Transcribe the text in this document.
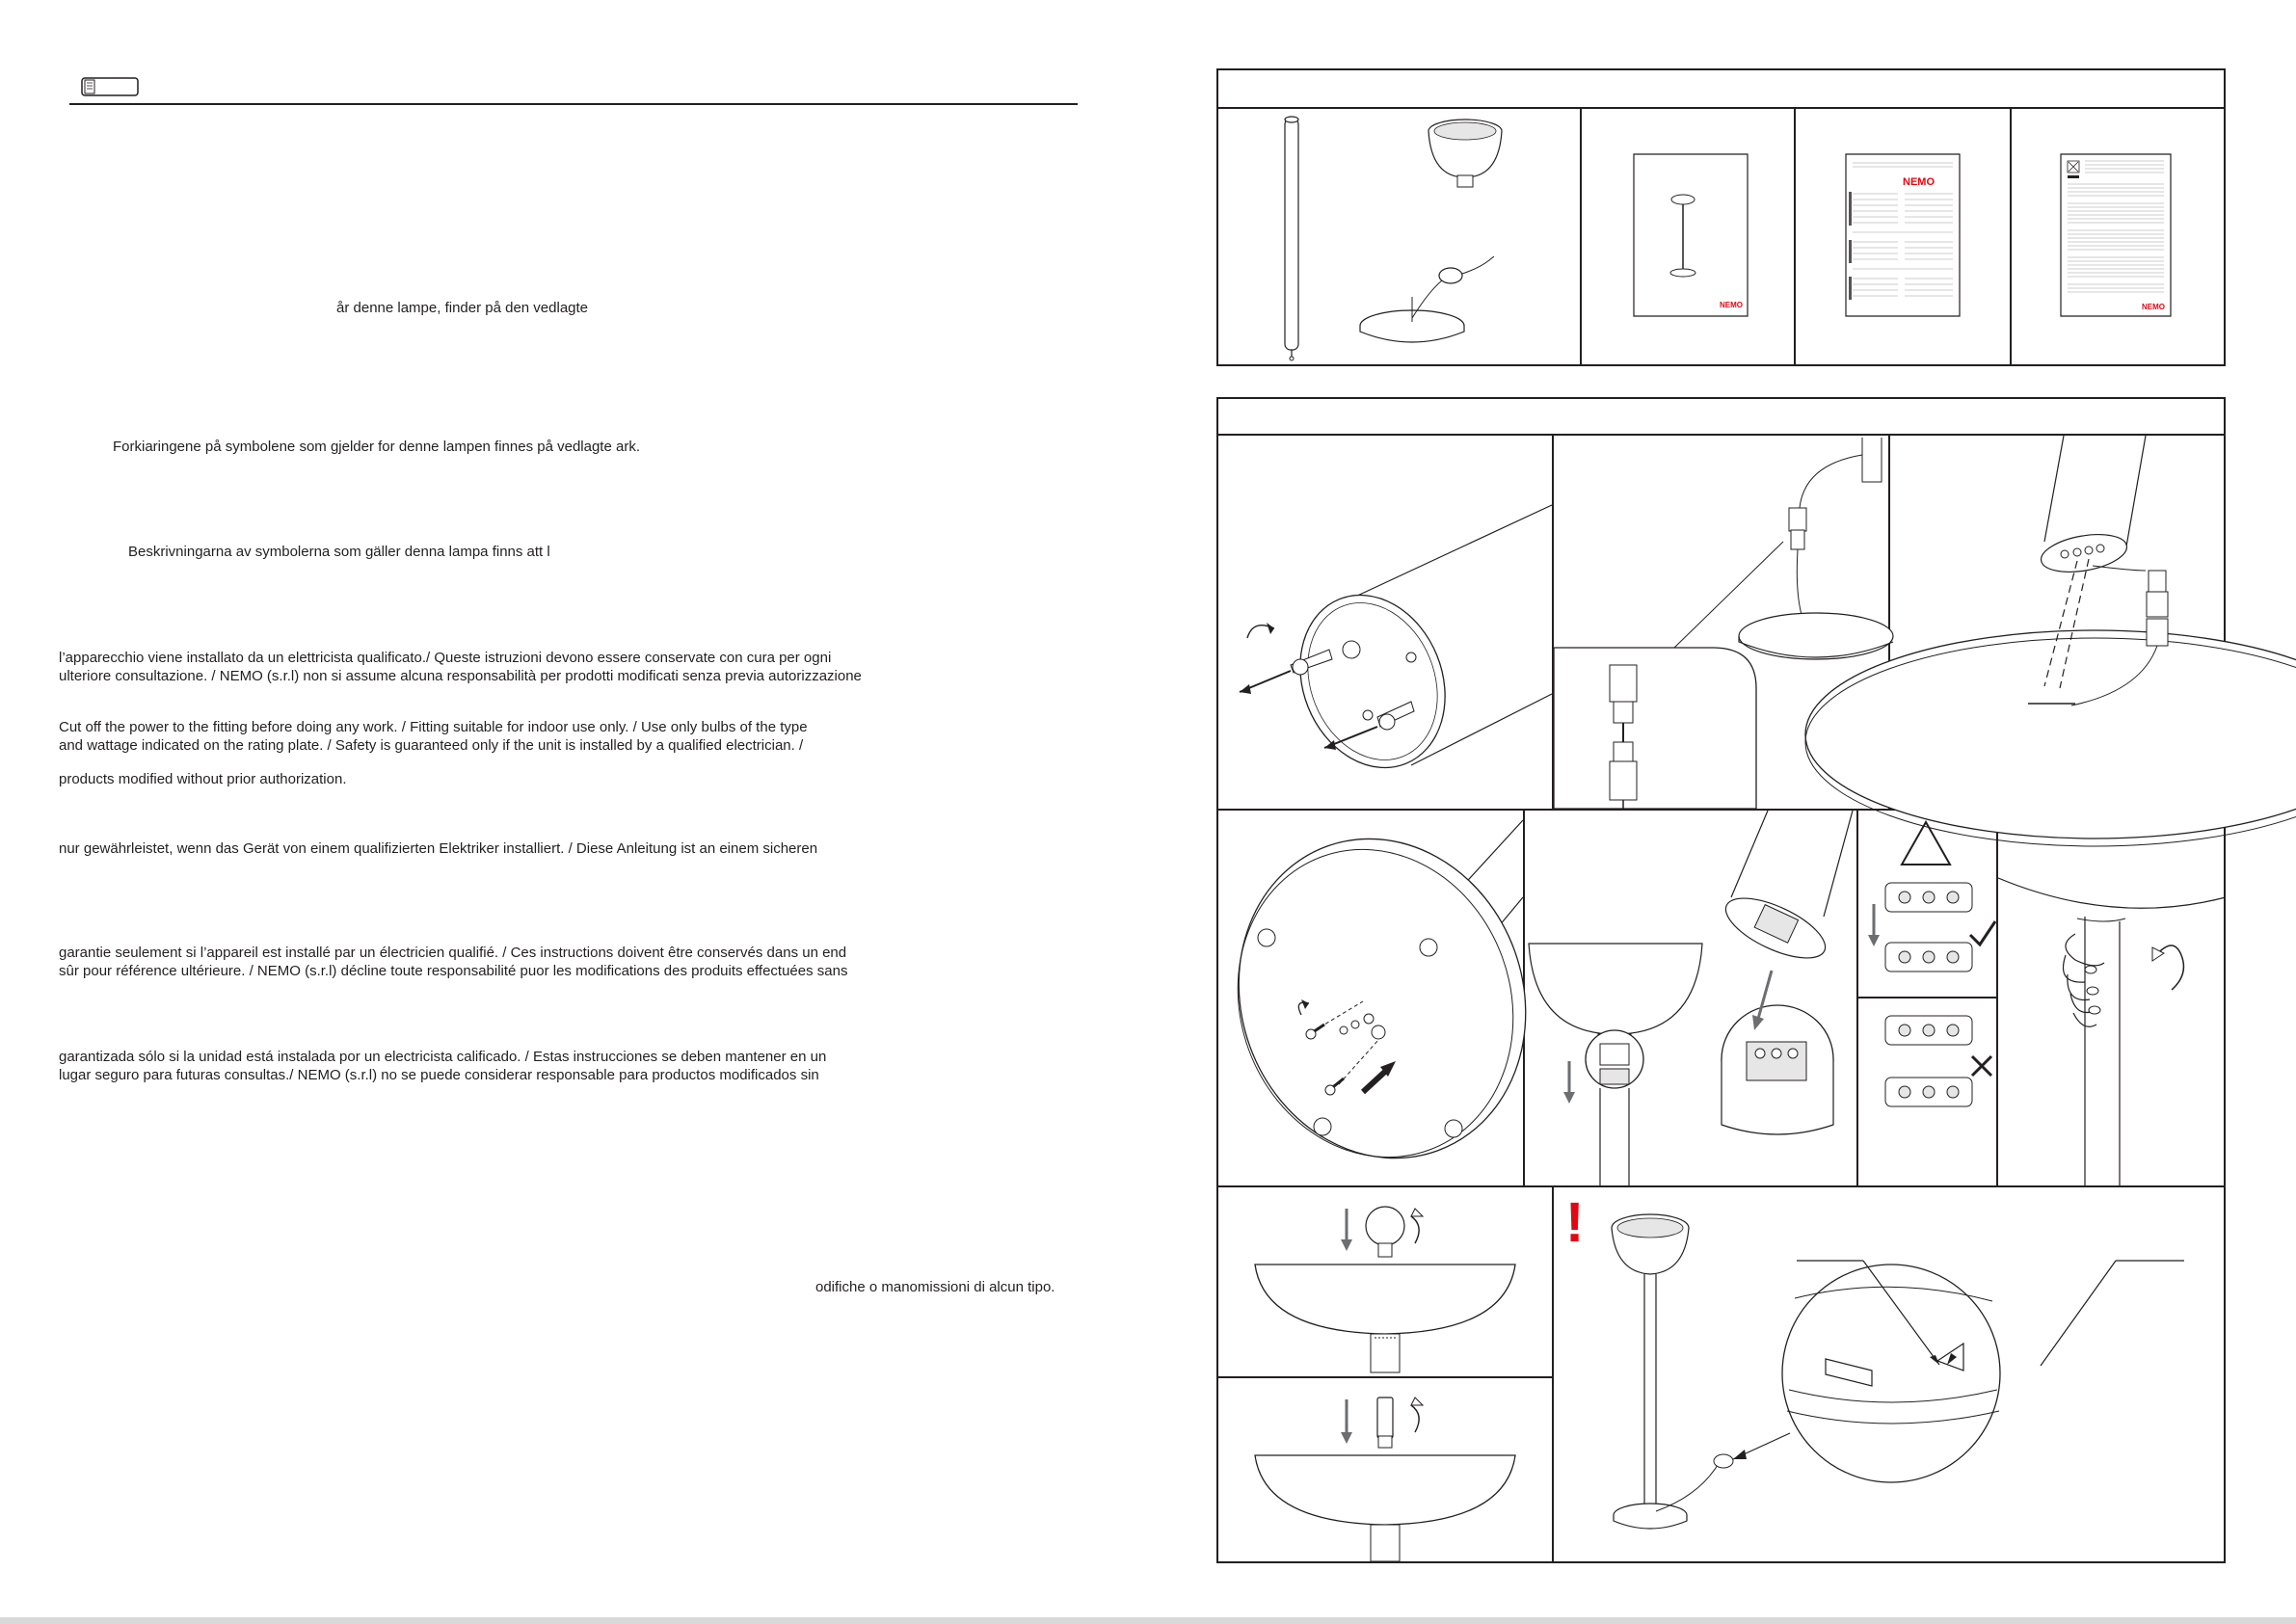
år denne lampe, finder på den vedlagte
Forkiaringene på symbolene som gjelder for denne lampen finnes på vedlagte ark.
Beskrivningarna av symbolerna som gäller denna lampa finns att l
l’apparecchio viene installato da un elettricista qualificato./ Queste istruzioni devono essere conservate con cura per ogni
ulteriore consultazione. / NEMO (s.r.l) non si assume alcuna responsabilità per prodotti modificati senza previa autorizzazione
Cut off the power to the fitting before doing any work. / Fitting suitable for indoor use only. / Use only bulbs of the type
and wattage indicated on the rating plate. / Safety is guaranteed only if the unit is installed by a qualified electrician. /
products modified without prior authorization.
nur gewährleistet, wenn das Gerät von einem qualifizierten Elektriker installiert. / Diese Anleitung ist an einem sicheren
garantie seulement si l’appareil est installé par un électricien qualifié. / Ces instructions doivent être conservés dans un end
sûr pour référence ultérieure. / NEMO (s.r.l) décline toute responsabilité puor les modifications des produits effectuées sans
garantizada sólo si la unidad está instalada por un electricista calificado. / Estas instrucciones se deben mantener en un
lugar seguro para futuras consultas./ NEMO (s.r.l) no se puede considerar responsable para productos modificados sin
odifiche o manomissioni di alcun tipo.
NEMO
NEMO
NEMO
!
